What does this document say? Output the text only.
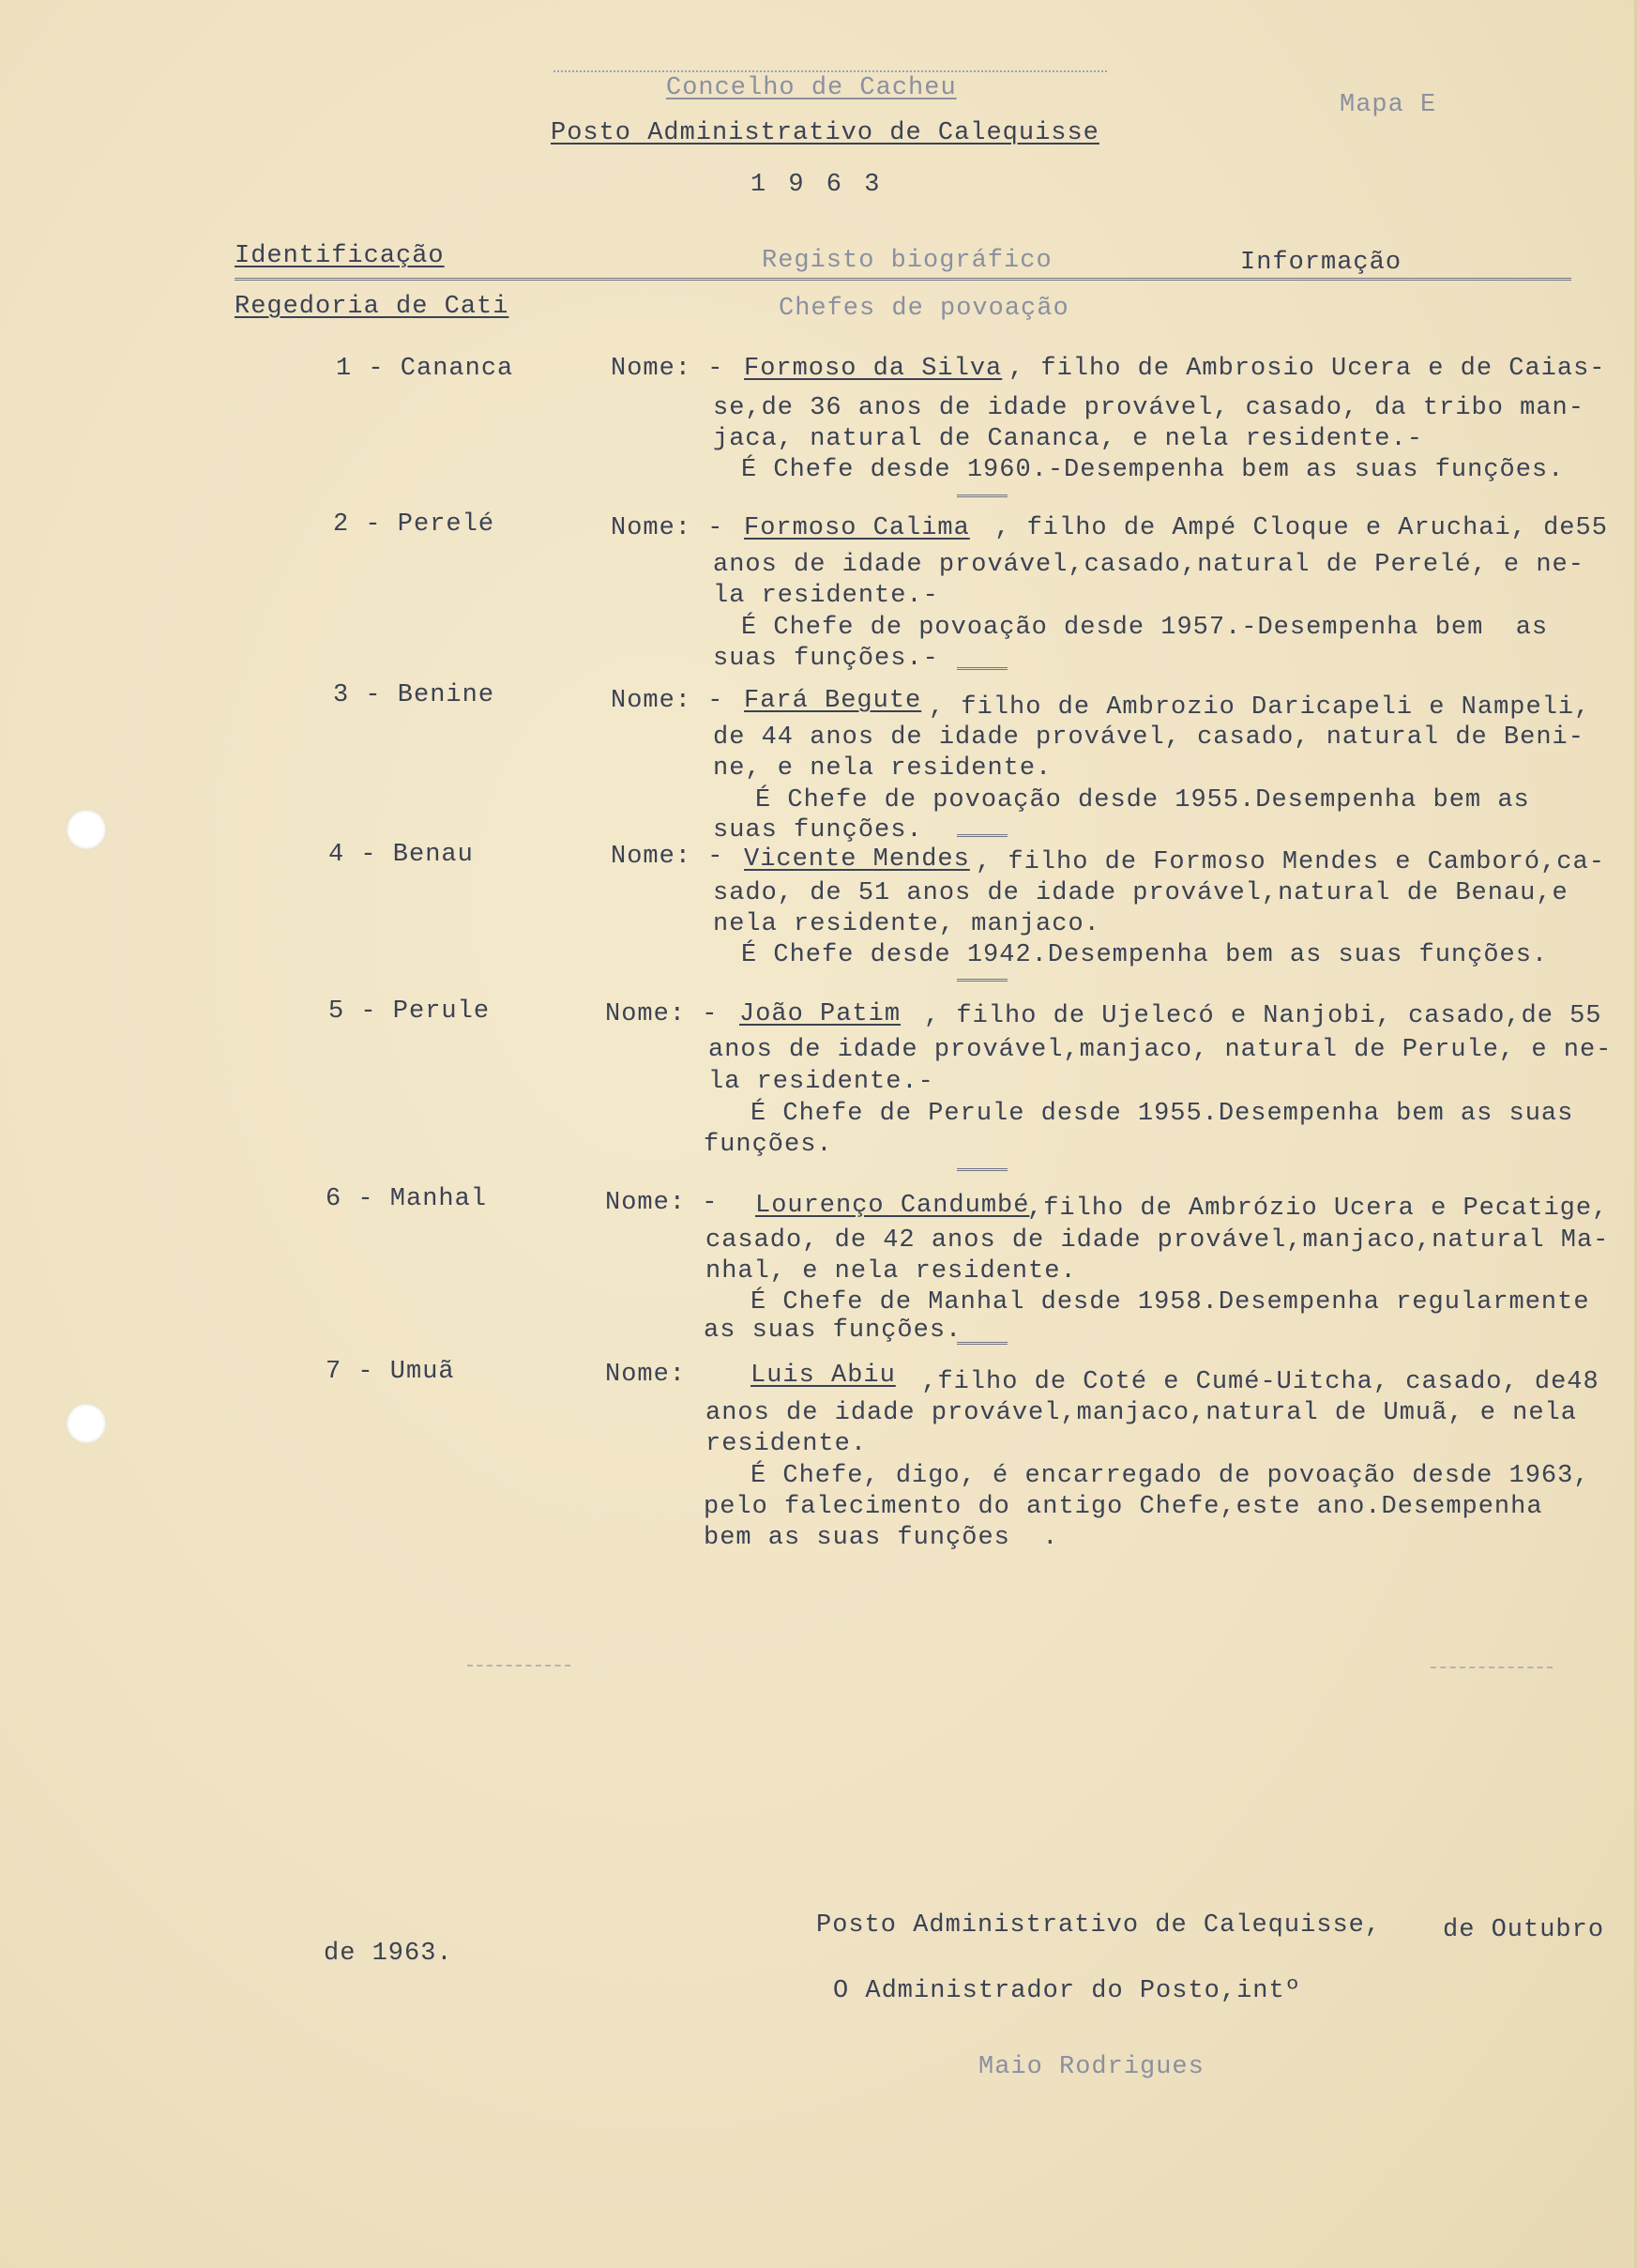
Concelho de Cacheu
Posto Administrativo de Calequisse
1 9 6 3
Mapa E
Identificação	Registo biográfico	Informação
Regedoria de Cati	Chefes de povoação
1 - Cananca	Nome: - Formoso da Silva , filho de Ambrosio Ucera e de Caias-
se,de 36 anos de idade provável, casado, da tribo man-
jaca, natural de Cananca, e nela residente.-
É Chefe desde 1960.-Desempenha bem as suas funções.
2 - Perelé	Nome: - Formoso Calima , filho de Ampé Cloque e Aruchai, de55
anos de idade provável,casado,natural de Perelé, e ne-
la residente.-
É Chefe de povoação desde 1957.-Desempenha bem  as
suas funções.-
3 - Benine	Nome: - Fará Begute , filho de Ambrozio Daricapeli e Nampeli,
de 44 anos de idade provável, casado, natural de Beni-
ne, e nela residente.
É Chefe de povoação desde 1955.Desempenha bem as
suas funções.
4 - Benau	Nome: - Vicente Mendes , filho de Formoso Mendes e Camboró,ca-
sado, de 51 anos de idade provável,natural de Benau,e
nela residente, manjaco.
É Chefe desde 1942.Desempenha bem as suas funções.
5 - Perule	Nome: - João Patim , filho de Ujelecó e Nanjobi, casado,de 55
anos de idade provável,manjaco, natural de Perule, e ne-
la residente.-
É Chefe de Perule desde 1955.Desempenha bem as suas
funções.
6 - Manhal	Nome: - Lourenço Candumbé
,filho de Ambrózio Ucera e Pecatige,
casado, de 42 anos de idade provável,manjaco,natural Ma-
nhal, e nela residente.
É Chefe de Manhal desde 1958.Desempenha regularmente
as suas funções.
7 - Umuã	Nome:	Luis Abiu ,filho de Coté e Cumé-Uitcha, casado, de48
anos de idade provável,manjaco,natural de Umuã, e nela
residente.
É Chefe, digo, é encarregado de povoação desde 1963,
pelo falecimento do antigo Chefe,este ano.Desempenha
bem as suas funções  .
Posto Administrativo de Calequisse, de Outubro
de 1963.
O Administrador do Posto,intº
Maio Rodrigues
